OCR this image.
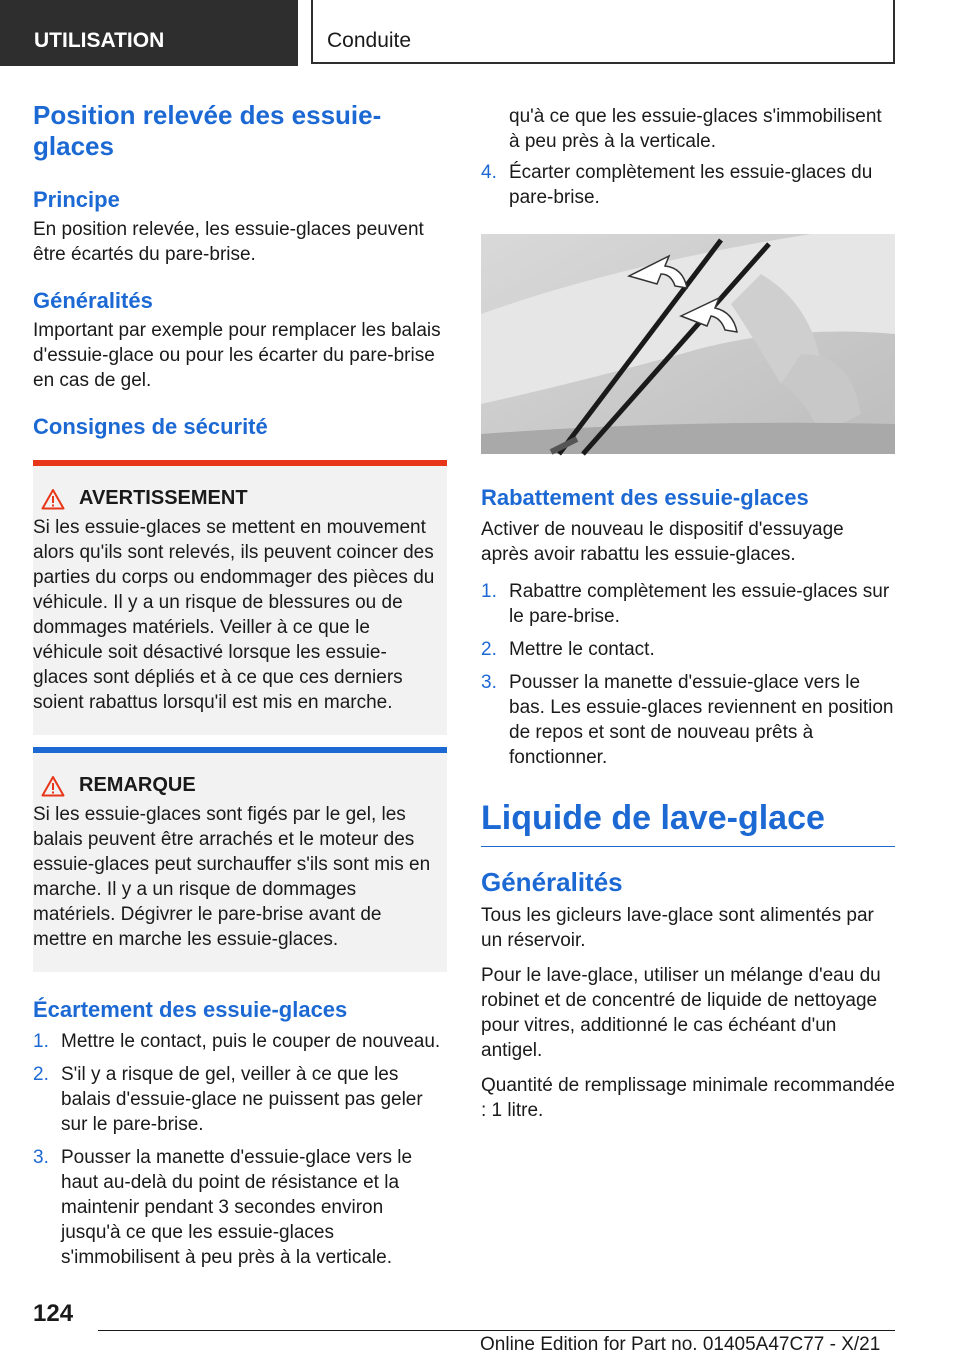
UTILISATION	Conduite
Position relevée des essuie-glaces
Principe

En position relevée, les essuie-glaces peuvent être écartés du pare-brise.

Généralités

Important par exemple pour remplacer les balais d'essuie-glace ou pour les écarter du pare-brise en cas de gel.

Consignes de sécurité
AVERTISSEMENT

Si les essuie-glaces se mettent en mouvement alors qu'ils sont relevés, ils peuvent coincer des parties du corps ou endommager des pièces du véhicule. Il y a un risque de blessures ou de dommages matériels. Veiller à ce que le véhicule soit désactivé lorsque les essuie-glaces sont dépliés et à ce que ces derniers soient rabattus lorsqu'il est mis en marche.

REMARQUE

Si les essuie-glaces sont figés par le gel, les balais peuvent être arrachés et le moteur des essuie-glaces peut surchauffer s'ils sont mis en marche. Il y a un risque de dommages matériels. Dégivrer le pare-brise avant de mettre en marche les essuie-glaces.

Écartement des essuie-glaces
1. Mettre le contact, puis le couper de nouveau.
2. S'il y a risque de gel, veiller à ce que les balais d'essuie-glace ne puissent pas geler sur le pare-brise.
3. Pousser la manette d'essuie-glace vers le haut au-delà du point de résistance et la maintenir pendant 3 secondes environ jusqu'à ce que les essuie-glaces s'immobilisent à peu près à la verticale.

qu'à ce que les essuie-glaces s'immobilisent à peu près à la verticale.

4. Écarter complètement les essuie-glaces du pare-brise.
Rabattement des essuie-glaces

Activer de nouveau le dispositif d'essuyage après avoir rabattu les essuie-glaces.

1. Rabattre complètement les essuie-glaces sur le pare-brise.
2. Mettre le contact.
3. Pousser la manette d'essuie-glace vers le bas. Les essuie-glaces reviennent en position de repos et sont de nouveau prêts à fonctionner.
Liquide de lave-glace
Généralités

Tous les gicleurs lave-glace sont alimentés par un réservoir.

Pour le lave-glace, utiliser un mélange d'eau du robinet et de concentré de liquide de nettoyage pour vitres, additionné le cas échéant d'un antigel.

Quantité de remplissage minimale recommandée : 1 litre.

124
Online Edition for Part no. 01405A47C77 - X/21
